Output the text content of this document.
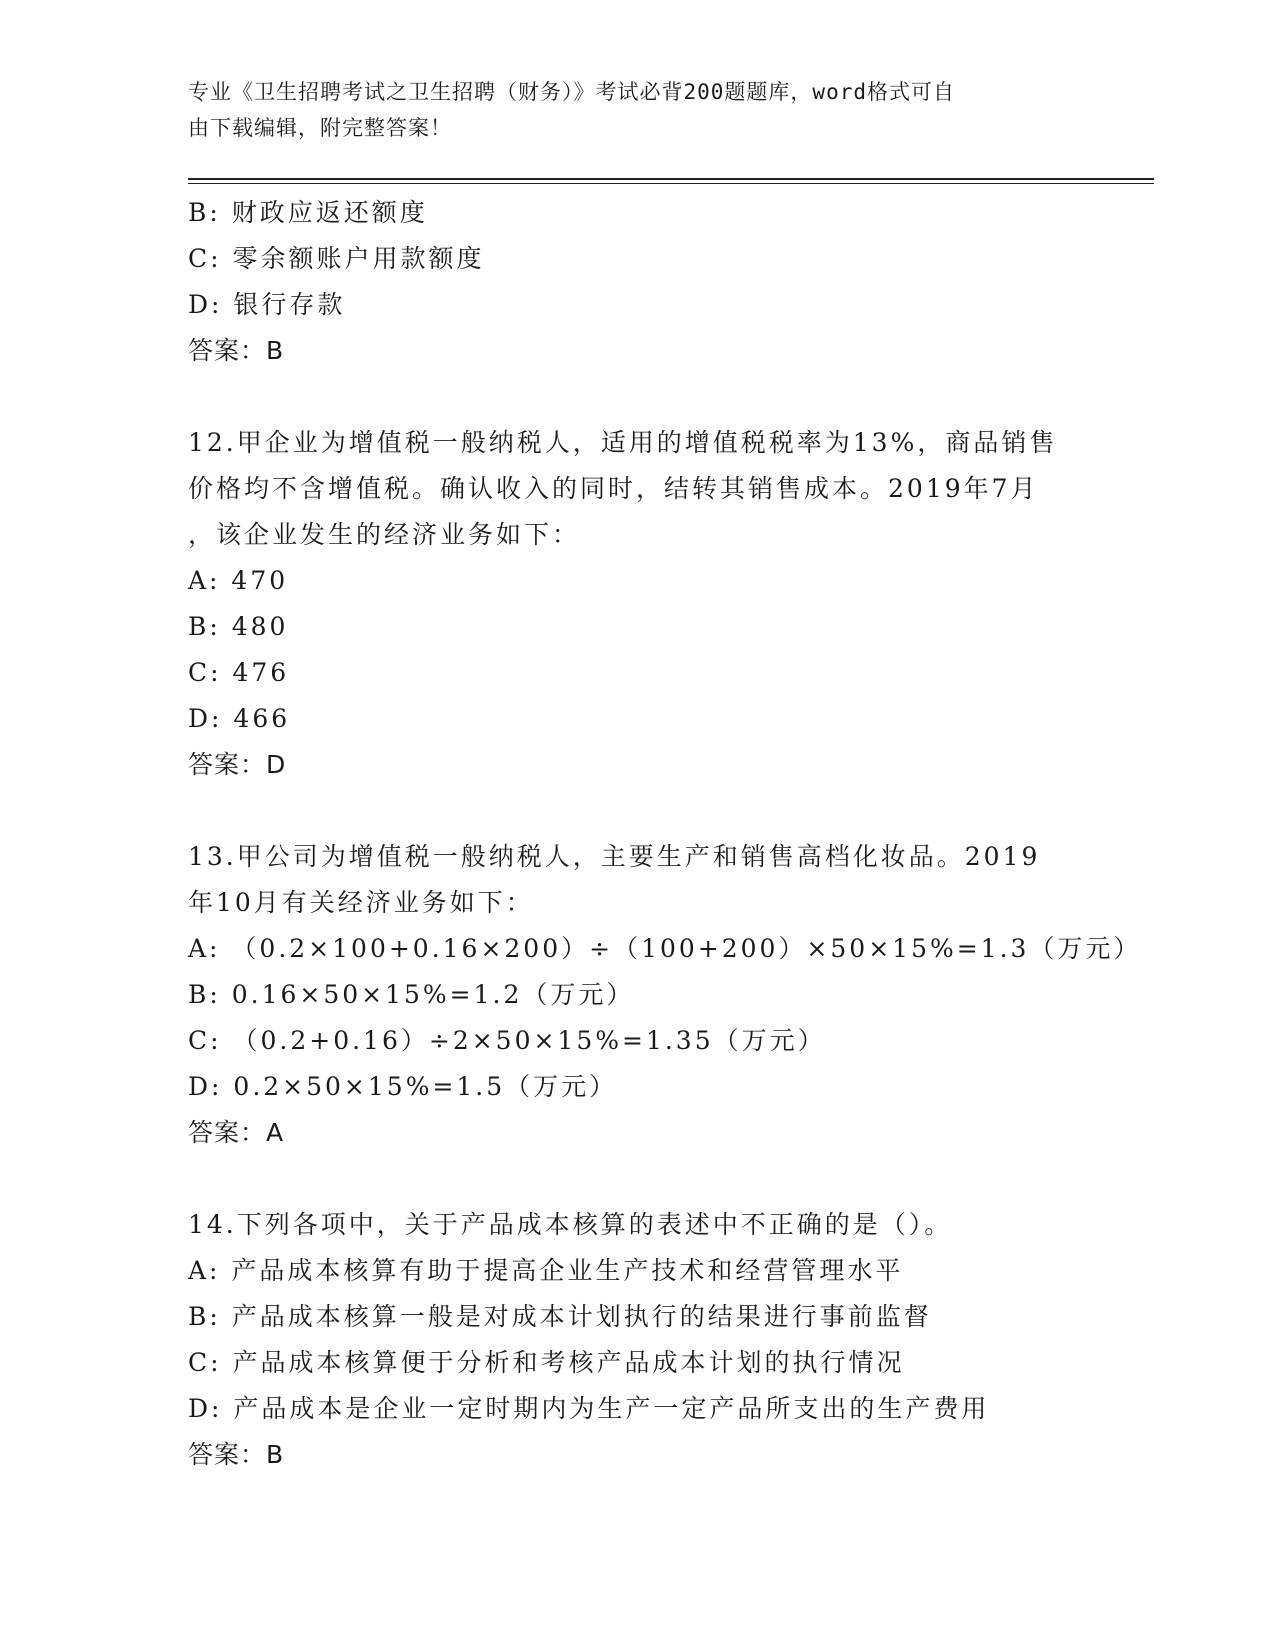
专业《卫生招聘考试之卫生招聘（财务）》考试必背200题题库，word格式可自
由下载编辑，附完整答案！
B: 财政应返还额度
C: 零余额账户用款额度
D: 银行存款
答案：B
12.甲企业为增值税一般纳税人，适用的增值税税率为13%，商品销售
价格均不含增值税。确认收入的同时，结转其销售成本。2019年7月
，该企业发生的经济业务如下：
A: 470
B: 480
C: 476
D: 466
答案：D
13.甲公司为增值税一般纳税人，主要生产和销售高档化妆品。2019
年10月有关经济业务如下：
A: （0.2×100+0.16×200）÷（100+200）×50×15%=1.3（万元）
B: 0.16×50×15%=1.2（万元）
C: （0.2+0.16）÷2×50×15%=1.35（万元）
D: 0.2×50×15%=1.5（万元）
答案：A
14.下列各项中，关于产品成本核算的表述中不正确的是（）。
A: 产品成本核算有助于提高企业生产技术和经营管理水平
B: 产品成本核算一般是对成本计划执行的结果进行事前监督
C: 产品成本核算便于分析和考核产品成本计划的执行情况
D: 产品成本是企业一定时期内为生产一定产品所支出的生产费用
答案：B
